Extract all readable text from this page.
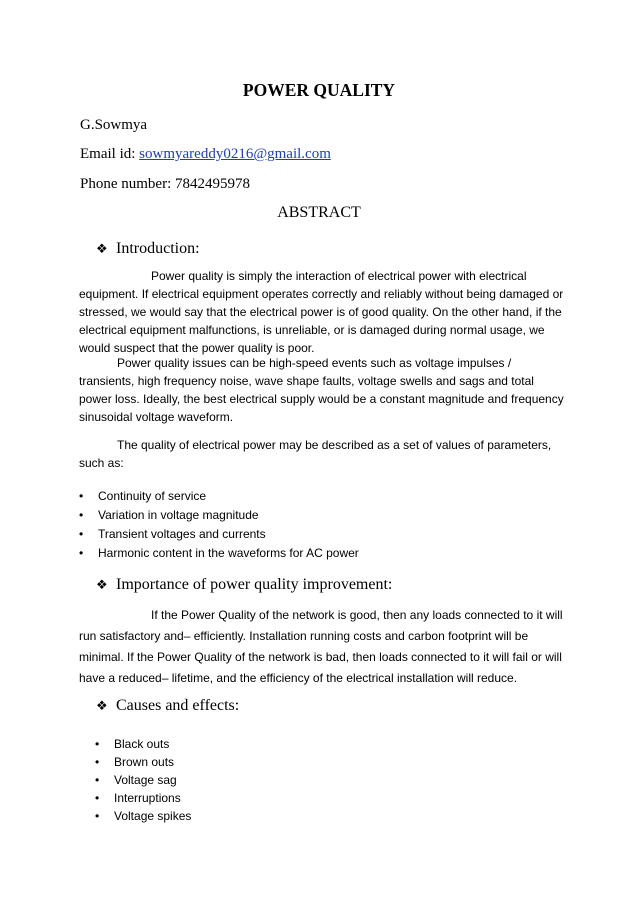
POWER QUALITY
G.Sowmya
Email id: sowmyareddy0216@gmail.com
Phone number: 7842495978
ABSTRACT
❖ Introduction:

Power quality is simply the interaction of electrical power with electrical equipment. If electrical equipment operates correctly and reliably without being damaged or stressed, we would say that the electrical power is of good quality. On the other hand, if the electrical equipment malfunctions, is unreliable, or is damaged during normal usage, we would suspect that the power quality is poor.

Power quality issues can be high-speed events such as voltage impulses / transients, high frequency noise, wave shape faults, voltage swells and sags and total power loss. Ideally, the best electrical supply would be a constant magnitude and frequency sinusoidal voltage waveform.

The quality of electrical power may be described as a set of values of parameters, such as:

• Continuity of service
• Variation in voltage magnitude
• Transient voltages and currents
• Harmonic content in the waveforms for AC power
❖ Importance of power quality improvement:

If the Power Quality of the network is good, then any loads connected to it will run satisfactory and– efficiently. Installation running costs and carbon footprint will be minimal. If the Power Quality of the network is bad, then loads connected to it will fail or will have a reduced– lifetime, and the efficiency of the electrical installation will reduce.

❖ Causes and effects:
• Black outs
• Brown outs
• Voltage sag
• Interruptions
• Voltage spikes
